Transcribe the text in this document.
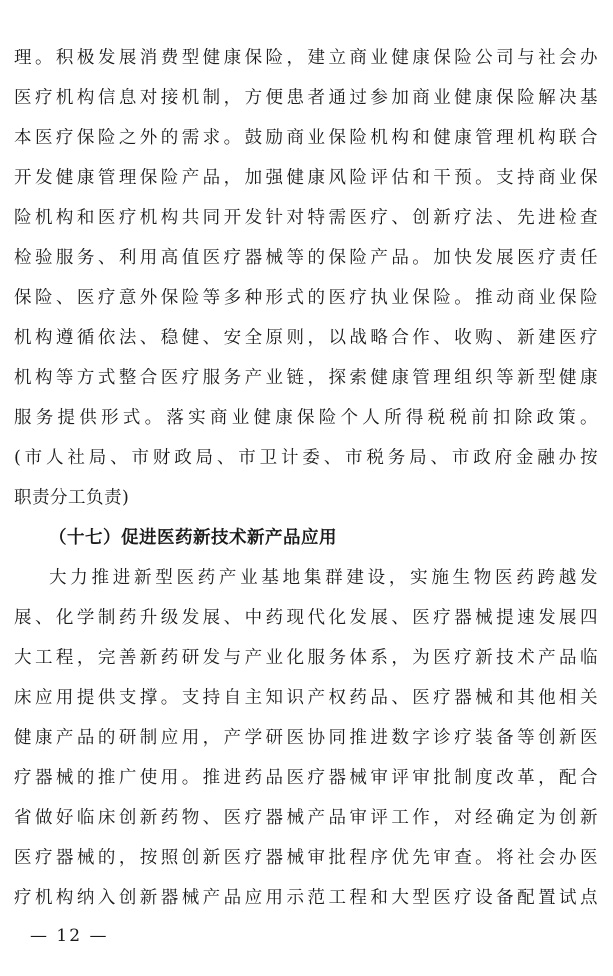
理。积极发展消费型健康保险，建立商业健康保险公司与社会办
医疗机构信息对接机制，方便患者通过参加商业健康保险解决基
本医疗保险之外的需求。鼓励商业保险机构和健康管理机构联合
开发健康管理保险产品，加强健康风险评估和干预。支持商业保
险机构和医疗机构共同开发针对特需医疗、创新疗法、先进检查
检验服务、利用高值医疗器械等的保险产品。加快发展医疗责任
保险、医疗意外保险等多种形式的医疗执业保险。推动商业保险
机构遵循依法、稳健、安全原则，以战略合作、收购、新建医疗
机构等方式整合医疗服务产业链，探索健康管理组织等新型健康
服务提供形式。落实商业健康保险个人所得税税前扣除政策。
(市人社局、市财政局、市卫计委、市税务局、市政府金融办按
职责分工负责)
（十七）促进医药新技术新产品应用
大力推进新型医药产业基地集群建设，实施生物医药跨越发
展、化学制药升级发展、中药现代化发展、医疗器械提速发展四
大工程，完善新药研发与产业化服务体系，为医疗新技术产品临
床应用提供支撑。支持自主知识产权药品、医疗器械和其他相关
健康产品的研制应用，产学研医协同推进数字诊疗装备等创新医
疗器械的推广使用。推进药品医疗器械审评审批制度改革，配合
省做好临床创新药物、医疗器械产品审评工作，对经确定为创新
医疗器械的，按照创新医疗器械审批程序优先审查。将社会办医
疗机构纳入创新器械产品应用示范工程和大型医疗设备配置试点
— 12 —
